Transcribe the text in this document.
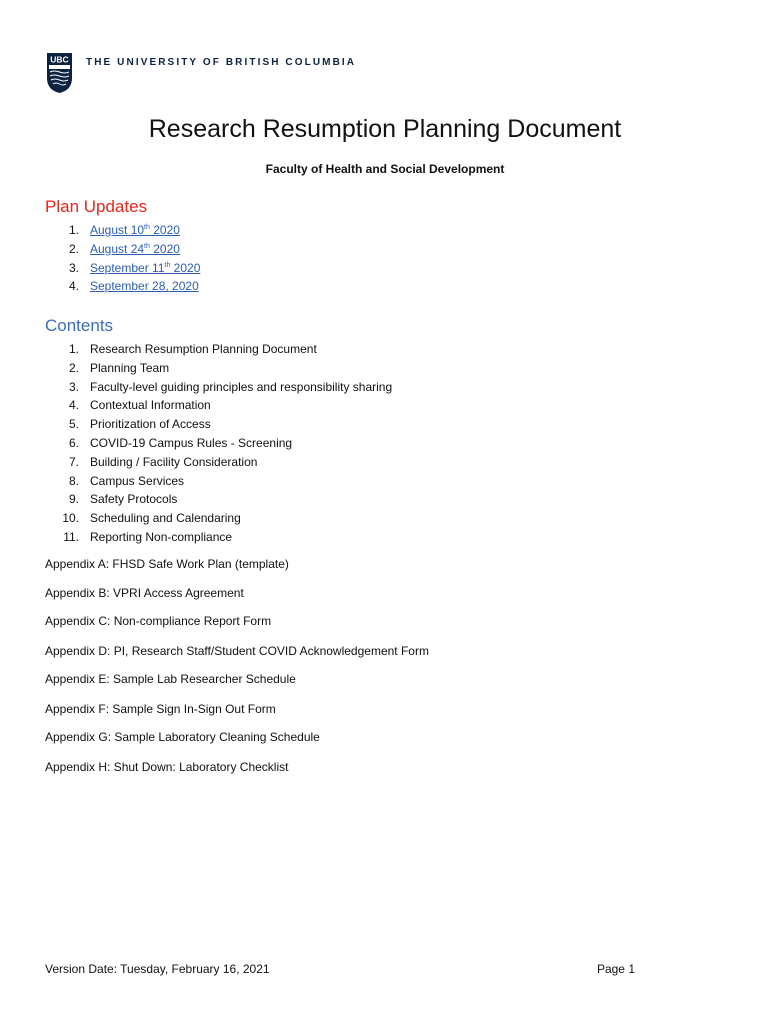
UBC THE UNIVERSITY OF BRITISH COLUMBIA
Research Resumption Planning Document
Faculty of Health and Social Development
Plan Updates
1. August 10th 2020
2. August 24th 2020
3. September 11th 2020
4. September 28, 2020
Contents
1. Research Resumption Planning Document
2. Planning Team
3. Faculty-level guiding principles and responsibility sharing
4. Contextual Information
5. Prioritization of Access
6. COVID-19 Campus Rules - Screening
7. Building / Facility Consideration
8. Campus Services
9. Safety Protocols
10. Scheduling and Calendaring
11. Reporting Non-compliance
Appendix A: FHSD Safe Work Plan (template)
Appendix B: VPRI Access Agreement
Appendix C: Non-compliance Report Form
Appendix D: PI, Research Staff/Student COVID Acknowledgement Form
Appendix E: Sample Lab Researcher Schedule
Appendix F: Sample Sign In-Sign Out Form
Appendix G: Sample Laboratory Cleaning Schedule
Appendix H: Shut Down: Laboratory Checklist
Version Date: Tuesday, February 16, 2021	Page 1
